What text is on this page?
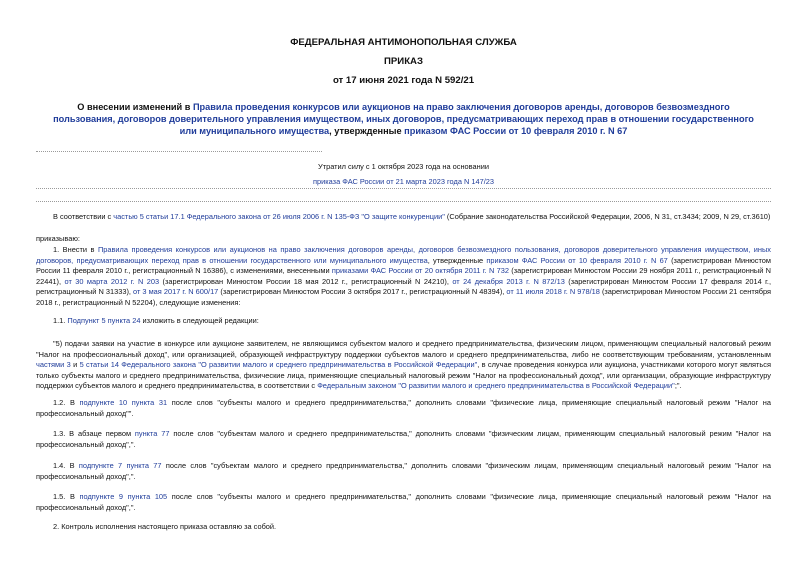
ФЕДЕРАЛЬНАЯ АНТИМОНОПОЛЬНАЯ СЛУЖБА
ПРИКАЗ
от 17 июня 2021 года N 592/21
О внесении изменений в Правила проведения конкурсов или аукционов на право заключения договоров аренды, договоров безвозмездного пользования, договоров доверительного управления имуществом, иных договоров, предусматривающих переход прав в отношении государственного или муниципального имущества, утвержденные приказом ФАС России от 10 февраля 2010 г. N 67
Утратил силу с 1 октября 2023 года на основании
приказа ФАС России от 21 марта 2023 года N 147/23
В соответствии с частью 5 статьи 17.1 Федерального закона от 26 июля 2006 г. N 135-ФЗ "О защите конкуренции" (Собрание законодательства Российской Федерации, 2006, N 31, ст.3434; 2009, N 29, ст.3610)
приказываю:
1. Внести в Правила проведения конкурсов или аукционов на право заключения договоров аренды, договоров безвозмездного пользования, договоров доверительного управления имуществом, иных договоров, предусматривающих переход прав в отношении государственного или муниципального имущества, утвержденные приказом ФАС России от 10 февраля 2010 г. N 67 (зарегистрирован Минюстом России 11 февраля 2010 г., регистрационный N 16386), с изменениями, внесенными приказами ФАС России от 20 октября 2011 г. N 732 (зарегистрирован Минюстом России 29 ноября 2011 г., регистрационный N 22441), от 30 марта 2012 г. N 203 (зарегистрирован Минюстом России 18 мая 2012 г., регистрационный N 24210), от 24 декабря 2013 г. N 872/13 (зарегистрирован Минюстом России 17 февраля 2014 г., регистрационный N 31333), от 3 мая 2017 г. N 600/17 (зарегистрирован Минюстом России 3 октября 2017 г., регистрационный N 48394), от 11 июля 2018 г. N 978/18 (зарегистрирован Минюстом России 21 сентября 2018 г., регистрационный N 52204), следующие изменения:
1.1. Подпункт 5 пункта 24 изложить в следующей редакции:
"5) подачи заявки на участие в конкурсе или аукционе заявителем, не являющимся субъектом малого и среднего предпринимательства, физическим лицом, применяющим специальный налоговый режим "Налог на профессиональный доход", или организацией, образующей инфраструктуру поддержки субъектов малого и среднего предпринимательства, либо не соответствующим требованиям, установленным частями 3 и 5 статьи 14 Федерального закона "О развитии малого и среднего предпринимательства в Российской Федерации", в случае проведения конкурса или аукциона, участниками которого могут являться только субъекты малого и среднего предпринимательства, физические лица, применяющие специальный налоговый режим "Налог на профессиональный доход", или организации, образующие инфраструктуру поддержки субъектов малого и среднего предпринимательства, в соответствии с Федеральным законом "О развитии малого и среднего предпринимательства в Российской Федерации";".
1.2. В подпункте 10 пункта 31 после слов "субъекты малого и среднего предпринимательства," дополнить словами "физические лица, применяющие специальный налоговый режим "Налог на профессиональный доход"".
1.3. В абзаце первом пункта 77 после слов "субъектам малого и среднего предпринимательства," дополнить словами "физическим лицам, применяющим специальный налоговый режим "Налог на профессиональный доход",".
1.4. В подпункте 7 пункта 77 после слов "субъектам малого и среднего предпринимательства," дополнить словами "физическим лицам, применяющим специальный налоговый режим "Налог на профессиональный доход",".
1.5. В подпункте 9 пункта 105 после слов "субъекты малого и среднего предпринимательства," дополнить словами "физические лица, применяющие специальный налоговый режим "Налог на профессиональный доход",".
2. Контроль исполнения настоящего приказа оставляю за собой.
